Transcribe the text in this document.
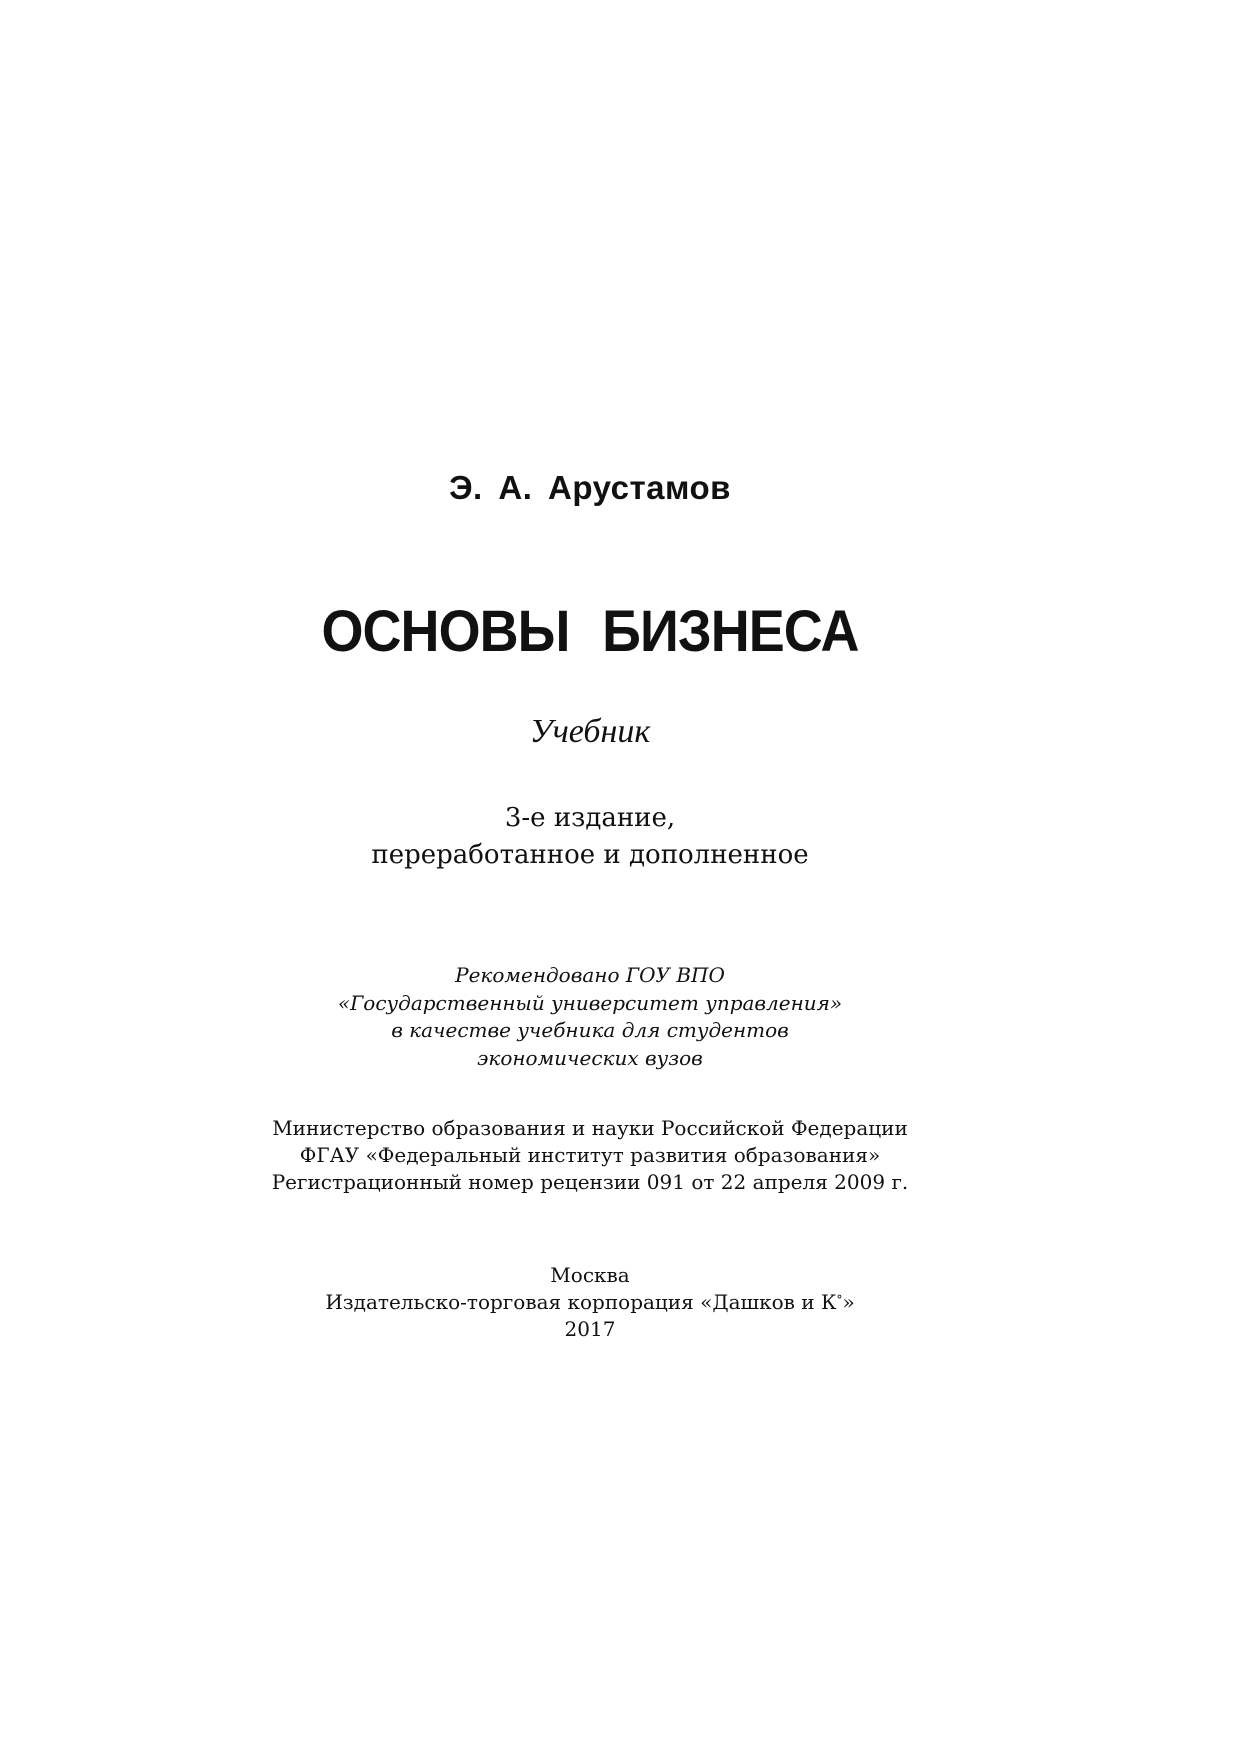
Э. А. Арустамов
ОСНОВЫ БИЗНЕСА
Учебник
3-е издание,
переработанное и дополненное
Рекомендовано ГОУ ВПО
«Государственный университет управления»
в качестве учебника для студентов
экономических вузов
Министерство образования и науки Российской Федерации
ФГАУ «Федеральный институт развития образования»
Регистрационный номер рецензии 091 от 22 апреля 2009 г.
Москва
Издательско-торговая корпорация «Дашков и К°»
2017
